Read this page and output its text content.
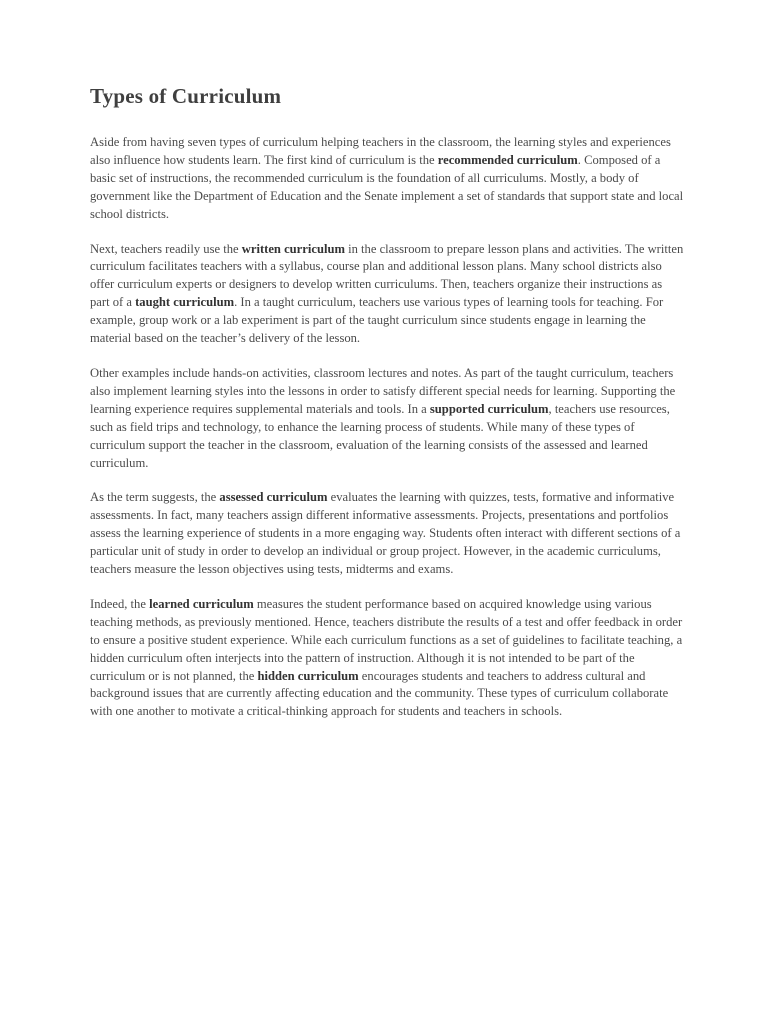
Types of Curriculum

Aside from having seven types of curriculum helping teachers in the classroom, the learning styles and experiences also influence how students learn. The first kind of curriculum is the recommended curriculum. Composed of a basic set of instructions, the recommended curriculum is the foundation of all curriculums. Mostly, a body of government like the Department of Education and the Senate implement a set of standards that support state and local school districts.

Next, teachers readily use the written curriculum in the classroom to prepare lesson plans and activities. The written curriculum facilitates teachers with a syllabus, course plan and additional lesson plans. Many school districts also offer curriculum experts or designers to develop written curriculums. Then, teachers organize their instructions as part of a taught curriculum. In a taught curriculum, teachers use various types of learning tools for teaching. For example, group work or a lab experiment is part of the taught curriculum since students engage in learning the material based on the teacher’s delivery of the lesson.

Other examples include hands-on activities, classroom lectures and notes. As part of the taught curriculum, teachers also implement learning styles into the lessons in order to satisfy different special needs for learning. Supporting the learning experience requires supplemental materials and tools. In a supported curriculum, teachers use resources, such as field trips and technology, to enhance the learning process of students. While many of these types of curriculum support the teacher in the classroom, evaluation of the learning consists of the assessed and learned curriculum.

As the term suggests, the assessed curriculum evaluates the learning with quizzes, tests, formative and informative assessments. In fact, many teachers assign different informative assessments. Projects, presentations and portfolios assess the learning experience of students in a more engaging way. Students often interact with different sections of a particular unit of study in order to develop an individual or group project. However, in the academic curriculums, teachers measure the lesson objectives using tests, midterms and exams.

Indeed, the learned curriculum measures the student performance based on acquired knowledge using various teaching methods, as previously mentioned. Hence, teachers distribute the results of a test and offer feedback in order to ensure a positive student experience. While each curriculum functions as a set of guidelines to facilitate teaching, a hidden curriculum often interjects into the pattern of instruction. Although it is not intended to be part of the curriculum or is not planned, the hidden curriculum encourages students and teachers to address cultural and background issues that are currently affecting education and the community. These types of curriculum collaborate with one another to motivate a critical-thinking approach for students and teachers in schools.
